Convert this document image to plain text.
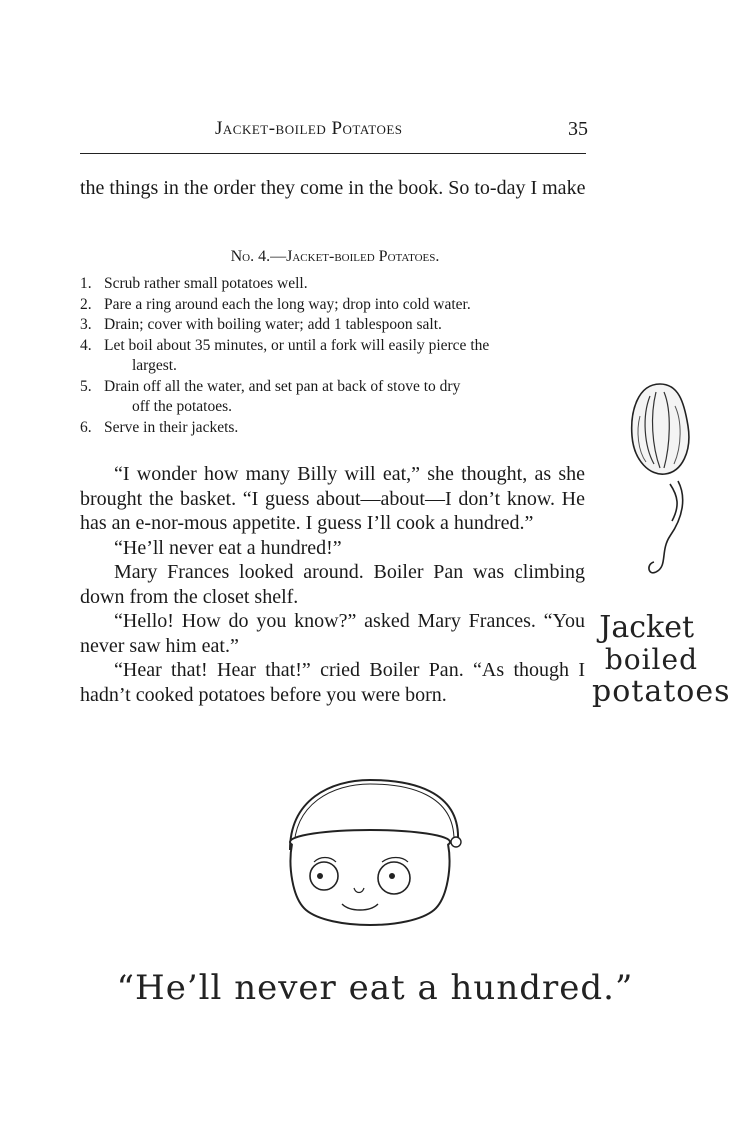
Jacket-boiled Potatoes	35

the things in the order they come in the book. So to-day I make

No. 4.—Jacket-boiled Potatoes.
1. Scrub rather small potatoes well.
2. Pare a ring around each the long way; drop into cold water.
3. Drain; cover with boiling water; add 1 tablespoon salt.
4. Let boil about 35 minutes, or until a fork will easily pierce the
largest.
5. Drain off all the water, and set pan at back of stove to dry
off the potatoes.
6. Serve in their jackets.

“I wonder how many Billy will eat,” she thought, as she brought the basket. “I guess about—about—I don’t know. He has an e-nor-mous appetite. I guess I’ll cook a hundred.”

“He’ll never eat a hundred!”

Mary Frances looked around. Boiler Pan was climbing down from the closet shelf.

“Hello! How do you know?” asked Mary Frances. “You never saw him eat.”

“Hear that! Hear that!” cried Boiler Pan. “As though I hadn’t cooked potatoes before you were born.

Jacket
boiled
potatoes
“He’ll never eat a hundred.”
